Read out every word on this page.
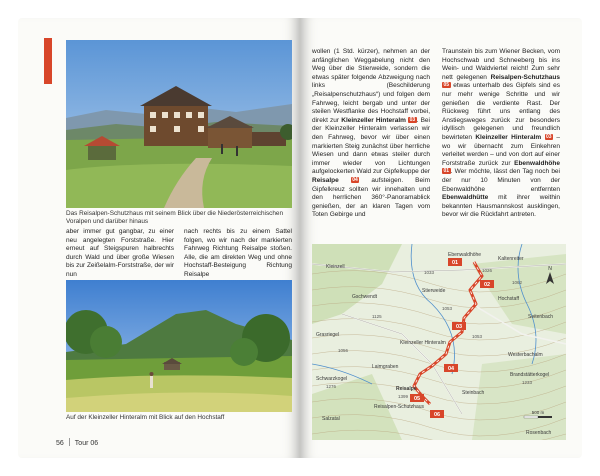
Das Reisalpen-Schutzhaus mit seinem Blick über die Niederösterreichischen Voralpen und darüber hinaus
aber immer gut gangbar, zu einer neu angelegten Forststraße. Hier erneut auf Steigspuren halbrechts durch Wald und über große Wiesen bis zur Zeißelalm-Forststraße, der wir nun
nach rechts bis zu einem Sattel folgen, wo wir nach der markierten Fahrweg Richtung Reisalpe stoßen. Alle, die am direkten Weg und ohne Hochstaff-Besteigung Richtung Reisalpe
Auf der Kleinzeller Hinteralm mit Blick auf den Hochstaff
56 Tour 06
wollen (1 Std. kürzer), nehmen an der anfänglichen Weggabelung nicht den Weg über die Stierweide, sondern die etwas später folgende Abzweigung nach links (Beschilderung „Reisalpenschutzhaus“) und folgen dem Fahrweg, leicht bergab und unter der steilen Westflanke des Hochstaff vorbei, direkt zur Kleinzeller Hinteralm 03 . Bei der Kleinzeller Hinteralm verlassen wir den Fahrweg, bevor wir über einen markierten Steig zunächst über herrliche Wiesen und dann etwas steiler durch immer wieder von Lichtungen aufgelockerten Wald zur Gipfelkuppe der Reisalpe 04 aufsteigen. Beim Gipfelkreuz sollten wir innehalten und den herrlichen 360°-Panoramablick genießen, der an klaren Tagen vom Toten Gebirge und
Traunstein bis zum Wiener Becken, vom Hochschwab und Schneeberg bis ins Wein- und Waldviertel reicht! Zum sehr nett gelegenen Reisalpen-Schutzhaus 05 etwas unterhalb des Gipfels sind es nur mehr wenige Schritte und wir genießen die verdiente Rast. Der Rückweg führt uns entlang des Anstiegsweges zurück zur besonders idyllisch gelegenen und freundlich bewirteten Kleinzeller Hinteralm 03 – wo wir übernacht zum Einkehren verleitet werden – und von dort auf einer Forststraße zurück zur Ebenwaldhöhe 01 . Wer möchte, lässt den Tag noch bei der nur 10 Minuten von der Ebenwaldhöhe entfernten Ebenwaldhütte mit ihrer weithin bekannten Hausmannskost ausklingen, bevor wir die Rückfahrt antreten.
01
02
03
04
05
06
Ebenwaldhöhe
Kaltenreiter
Kleinzell
Gschwendt
Stierweide
Hochstaff
Grasriegel
Kleinzeller Hinteralm
Westerbachalm
Laimgraben
Schwarzkogel
Brandstätterkogel
Reisalpe
Reisalpen-Schutzhaus
Salzatal
Steinbach
Rosenbach
Seitenbach
1033	1026
1053
1276
1399
1233
1053
1125
1062
1056
N
500 m
